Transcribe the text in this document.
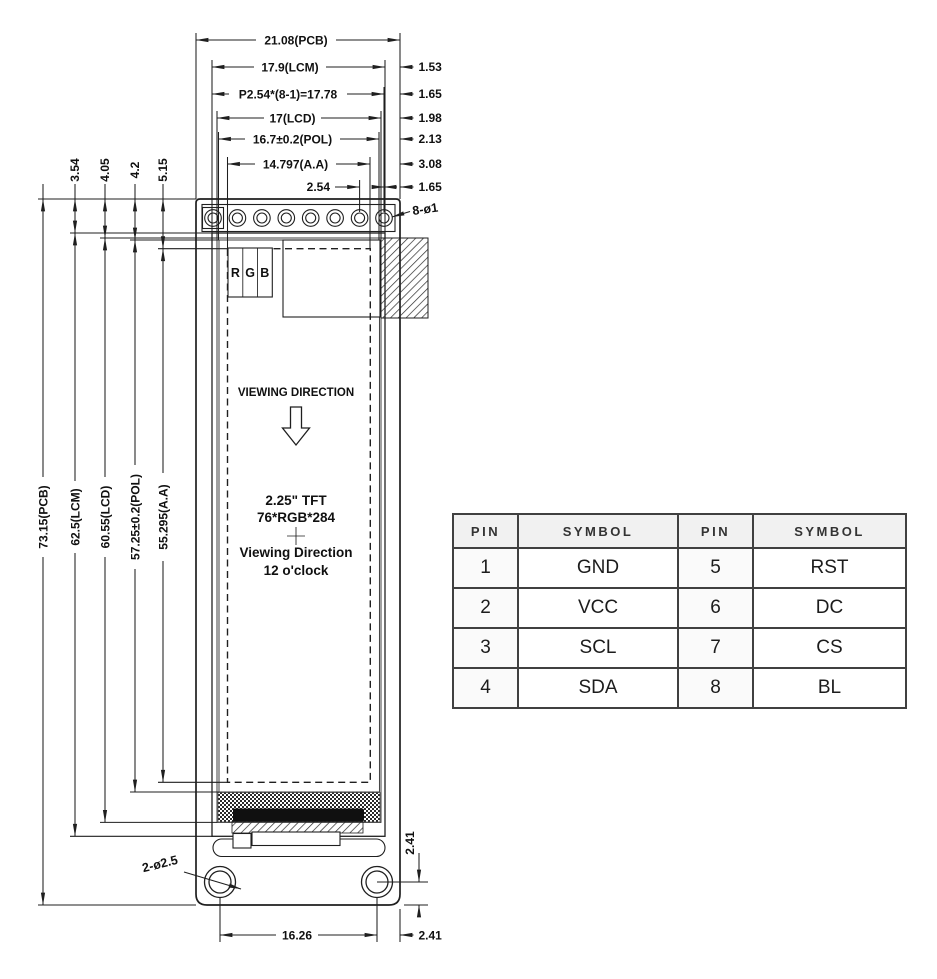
R G B
VIEWING DIRECTION
2.25" TFT
76*RGB*284
Viewing Direction
12 o'clock
21.08(PCB)
17.9(LCM)
P2.54*(8-1)=17.78
17(LCD)
16.7±0.2(POL)
14.797(A.A)
2.54
1.53
1.65
1.98
2.13
3.08
1.65
8-ø1
73.15(PCB)
3.54
62.5(LCM)
4.05
60.55(LCD)
4.2
57.25±0.2(POL)
5.15
55.295(A.A)
16.26	2.41
2.41
2-ø2.5
PIN	SYMBOL	PIN	SYMBOL
1	GND	5	RST
2	VCC	6	DC
3	SCL	7	CS
4	SDA	8	BL
